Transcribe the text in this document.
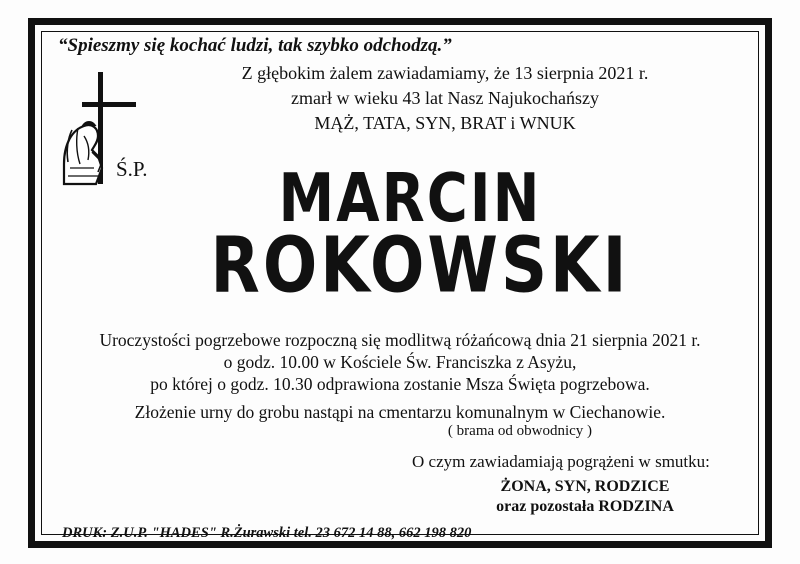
“Spieszmy się kochać ludzi, tak szybko odchodzą.”
Z głębokim żalem zawiadamiamy, że 13 sierpnia 2021 r.
zmarł w wieku 43 lat Nasz Najukochańszy
MĄŻ, TATA, SYN, BRAT i WNUK
Ś.P.	MARCIN
ROKOWSKI
Uroczystości pogrzebowe rozpoczną się modlitwą różańcową dnia 21 sierpnia 2021 r.
o godz. 10.00 w Kościele Św. Franciszka z Asyżu,
po której o godz. 10.30 odprawiona zostanie Msza Święta pogrzebowa.
Złożenie urny do grobu nastąpi na cmentarzu komunalnym w Ciechanowie.
( brama od obwodnicy )
O czym zawiadamiają pogrążeni w smutku:
ŻONA, SYN, RODZICE
oraz pozostała RODZINA
DRUK: Z.U.P. "HADES" R.Żurawski tel. 23 672 14 88, 662 198 820
